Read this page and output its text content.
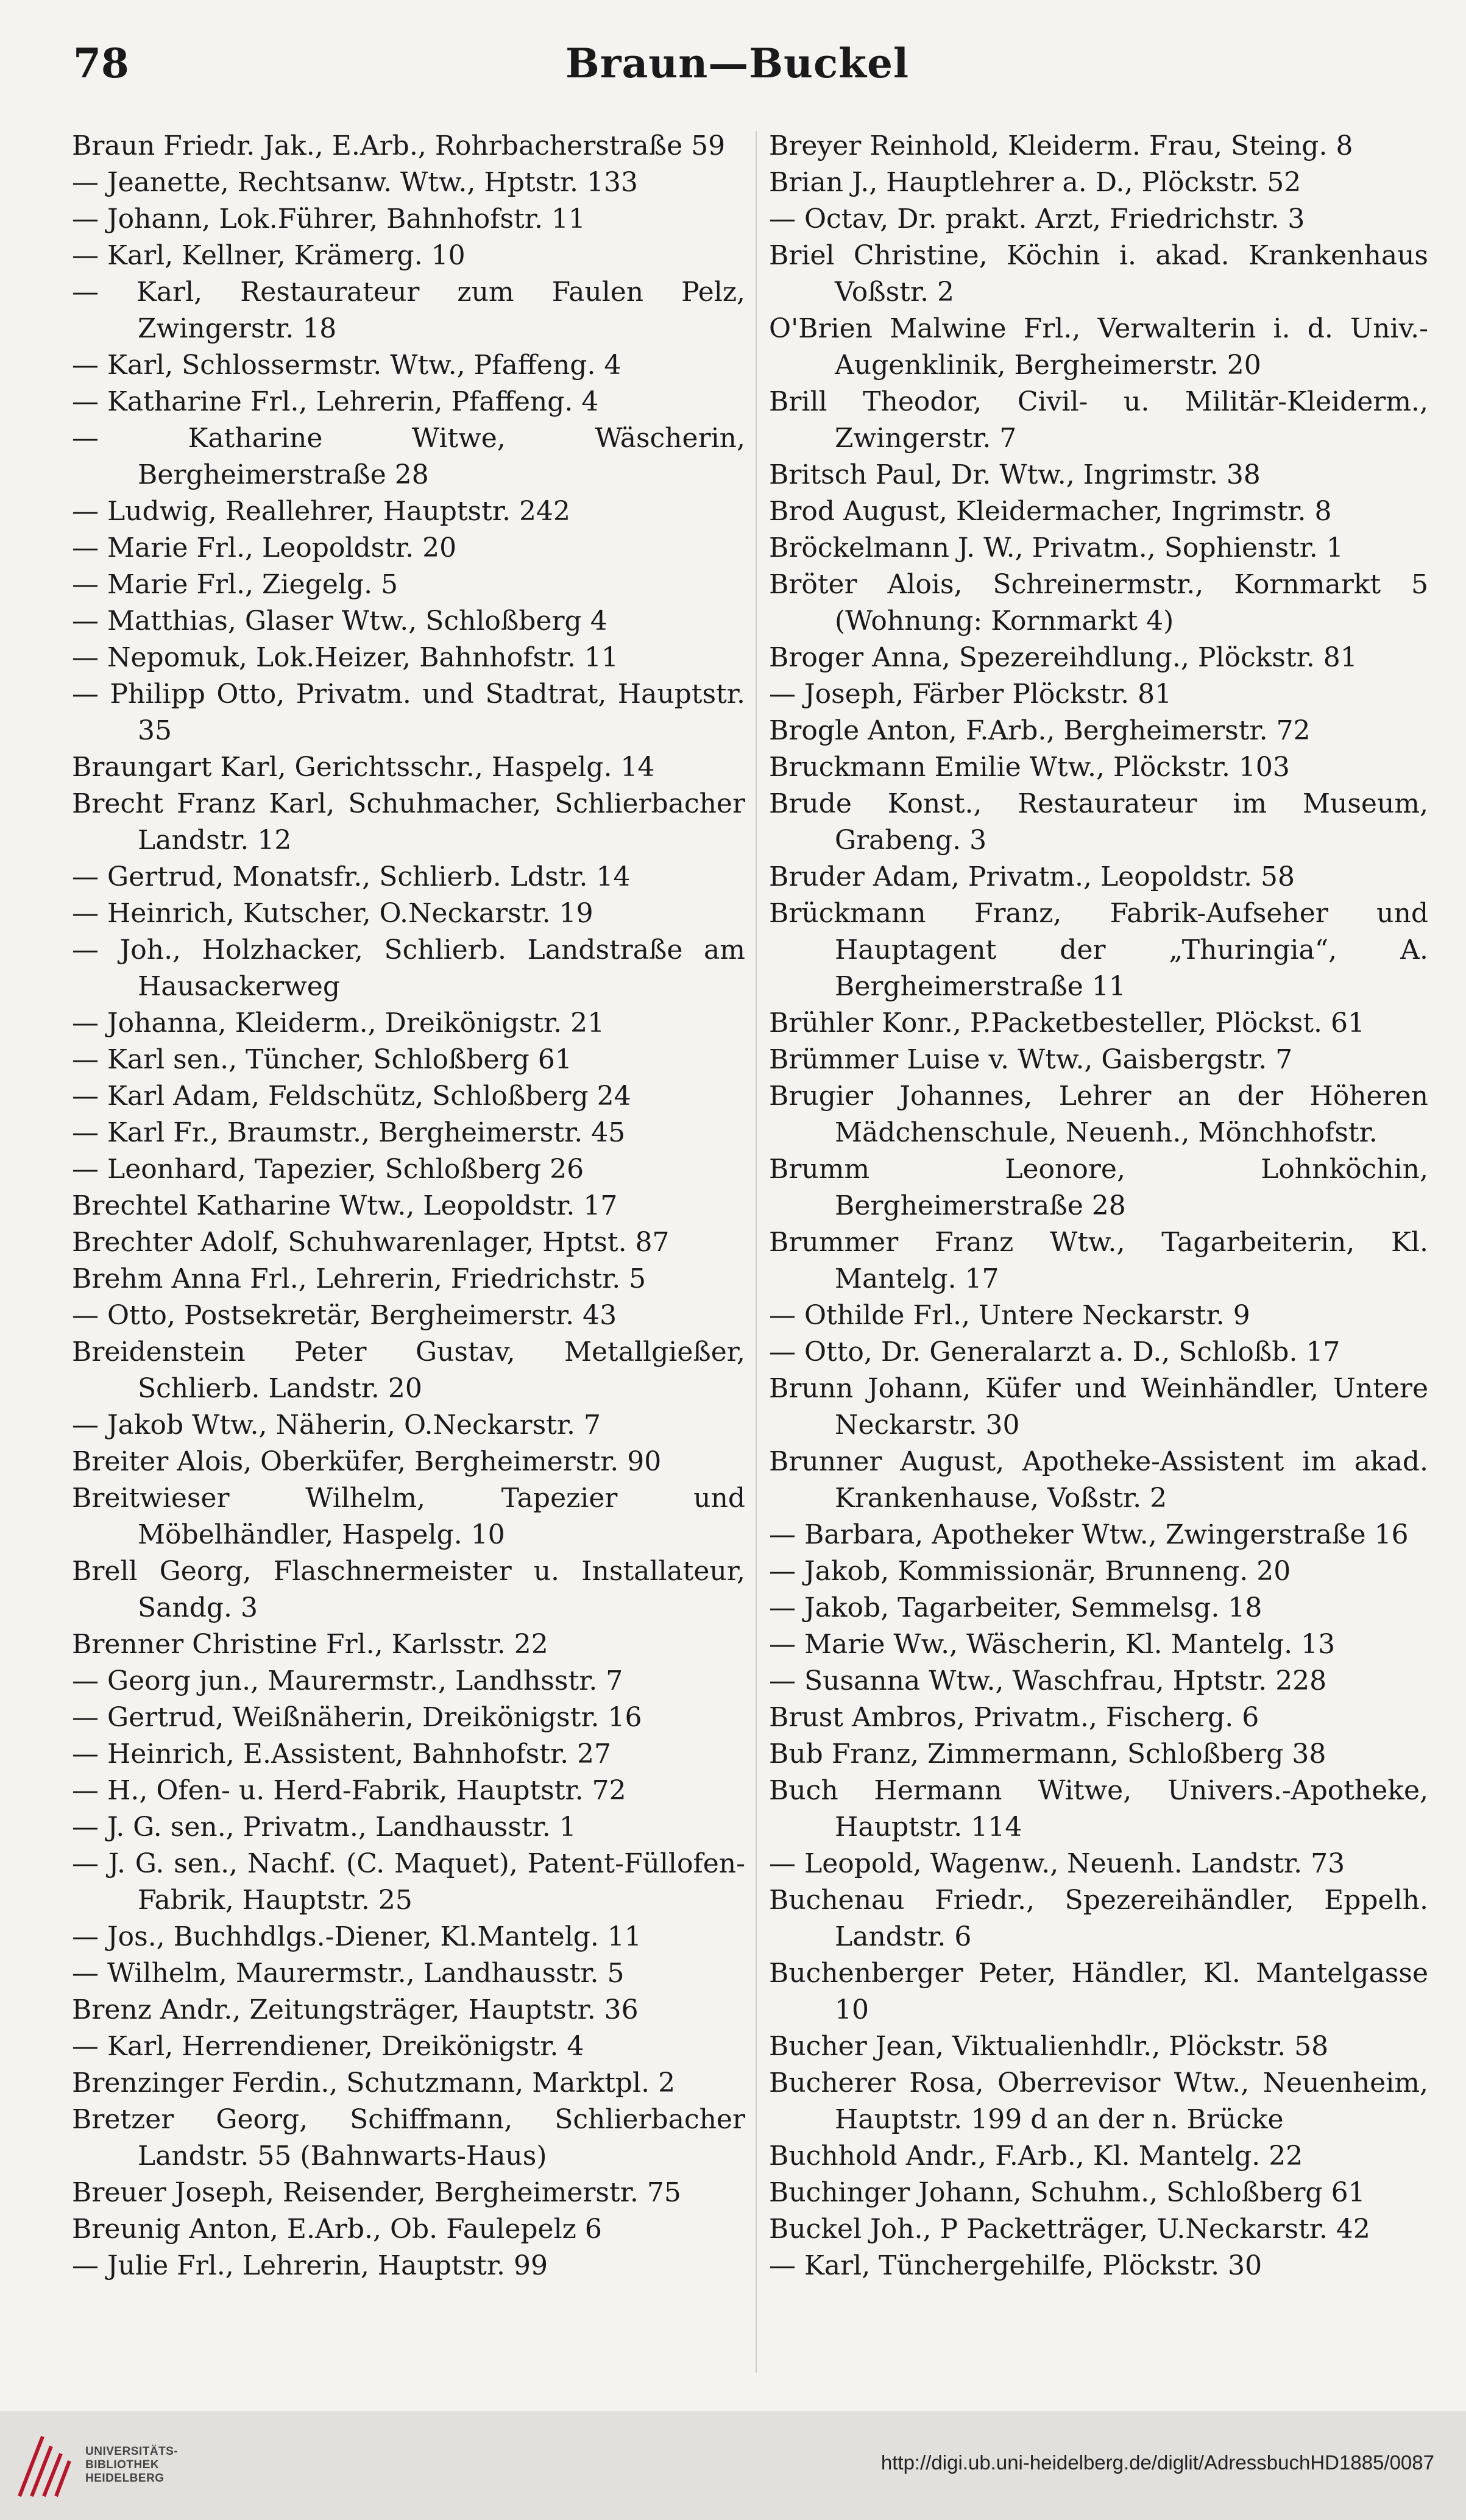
78	Braun—Buckel
Braun Friedr. Jak., E.Arb., Rohrbacherstraße 59
— Jeanette, Rechtsanw. Wtw., Hptstr. 133
— Johann, Lok.Führer, Bahnhofstr. 11
— Karl, Kellner, Krämerg. 10
— Karl, Restaurateur zum Faulen Pelz, Zwingerstr. 18
— Karl, Schlossermstr. Wtw., Pfaffeng. 4
— Katharine Frl., Lehrerin, Pfaffeng. 4
— Katharine Witwe, Wäscherin, Bergheimerstraße 28
— Ludwig, Reallehrer, Hauptstr. 242
— Marie Frl., Leopoldstr. 20
— Marie Frl., Ziegelg. 5
— Matthias, Glaser Wtw., Schloßberg 4
— Nepomuk, Lok.Heizer, Bahnhofstr. 11
— Philipp Otto, Privatm. und Stadtrat, Hauptstr. 35
Braungart Karl, Gerichtsschr., Haspelg. 14
Brecht Franz Karl, Schuhmacher, Schlierbacher Landstr. 12
— Gertrud, Monatsfr., Schlierb. Ldstr. 14
— Heinrich, Kutscher, O.Neckarstr. 19
— Joh., Holzhacker, Schlierb. Landstraße am Hausackerweg
— Johanna, Kleiderm., Dreikönigstr. 21
— Karl sen., Tüncher, Schloßberg 61
— Karl Adam, Feldschütz, Schloßberg 24
— Karl Fr., Braumstr., Bergheimerstr. 45
— Leonhard, Tapezier, Schloßberg 26
Brechtel Katharine Wtw., Leopoldstr. 17
Brechter Adolf, Schuhwarenlager, Hptst. 87
Brehm Anna Frl., Lehrerin, Friedrichstr. 5
— Otto, Postsekretär, Bergheimerstr. 43
Breidenstein Peter Gustav, Metallgießer, Schlierb. Landstr. 20
— Jakob Wtw., Näherin, O.Neckarstr. 7
Breiter Alois, Oberküfer, Bergheimerstr. 90
Breitwieser Wilhelm, Tapezier und Möbelhändler, Haspelg. 10
Brell Georg, Flaschnermeister u. Installateur, Sandg. 3
Brenner Christine Frl., Karlsstr. 22
— Georg jun., Maurermstr., Landhsstr. 7
— Gertrud, Weißnäherin, Dreikönigstr. 16
— Heinrich, E.Assistent, Bahnhofstr. 27
— H., Ofen- u. Herd-Fabrik, Hauptstr. 72
— J. G. sen., Privatm., Landhausstr. 1
— J. G. sen., Nachf. (C. Maquet), Patent-Füllofen-Fabrik, Hauptstr. 25
— Jos., Buchhdlgs.-Diener, Kl.Mantelg. 11
— Wilhelm, Maurermstr., Landhausstr. 5
Brenz Andr., Zeitungsträger, Hauptstr. 36
— Karl, Herrendiener, Dreikönigstr. 4
Brenzinger Ferdin., Schutzmann, Marktpl. 2
Bretzer Georg, Schiffmann, Schlierbacher Landstr. 55 (Bahnwarts-Haus)
Breuer Joseph, Reisender, Bergheimerstr. 75
Breunig Anton, E.Arb., Ob. Faulepelz 6
— Julie Frl., Lehrerin, Hauptstr. 99
Breyer Reinhold, Kleiderm. Frau, Steing. 8
Brian J., Hauptlehrer a. D., Plöckstr. 52
— Octav, Dr. prakt. Arzt, Friedrichstr. 3
Briel Christine, Köchin i. akad. Krankenhaus Voßstr. 2
O'Brien Malwine Frl., Verwalterin i. d. Univ.-Augenklinik, Bergheimerstr. 20
Brill Theodor, Civil- u. Militär-Kleiderm., Zwingerstr. 7
Britsch Paul, Dr. Wtw., Ingrimstr. 38
Brod August, Kleidermacher, Ingrimstr. 8
Bröckelmann J. W., Privatm., Sophienstr. 1
Bröter Alois, Schreinermstr., Kornmarkt 5 (Wohnung: Kornmarkt 4)
Broger Anna, Spezereihdlung., Plöckstr. 81
— Joseph, Färber Plöckstr. 81
Brogle Anton, F.Arb., Bergheimerstr. 72
Bruckmann Emilie Wtw., Plöckstr. 103
Brude Konst., Restaurateur im Museum, Grabeng. 3
Bruder Adam, Privatm., Leopoldstr. 58
Brückmann Franz, Fabrik-Aufseher und Hauptagent der „Thuringia“, A. Bergheimerstraße 11
Brühler Konr., P.Packetbesteller, Plöckst. 61
Brümmer Luise v. Wtw., Gaisbergstr. 7
Brugier Johannes, Lehrer an der Höheren Mädchenschule, Neuenh., Mönchhofstr.
Brumm Leonore, Lohnköchin, Bergheimerstraße 28
Brummer Franz Wtw., Tagarbeiterin, Kl. Mantelg. 17
— Othilde Frl., Untere Neckarstr. 9
— Otto, Dr. Generalarzt a. D., Schloßb. 17
Brunn Johann, Küfer und Weinhändler, Untere Neckarstr. 30
Brunner August, Apotheke-Assistent im akad. Krankenhause, Voßstr. 2
— Barbara, Apotheker Wtw., Zwingerstraße 16
— Jakob, Kommissionär, Brunneng. 20
— Jakob, Tagarbeiter, Semmelsg. 18
— Marie Ww., Wäscherin, Kl. Mantelg. 13
— Susanna Wtw., Waschfrau, Hptstr. 228
Brust Ambros, Privatm., Fischerg. 6
Bub Franz, Zimmermann, Schloßberg 38
Buch Hermann Witwe, Univers.-Apotheke, Hauptstr. 114
— Leopold, Wagenw., Neuenh. Landstr. 73
Buchenau Friedr., Spezereihändler, Eppelh. Landstr. 6
Buchenberger Peter, Händler, Kl. Mantelgasse 10
Bucher Jean, Viktualienhdlr., Plöckstr. 58
Bucherer Rosa, Oberrevisor Wtw., Neuenheim, Hauptstr. 199 d an der n. Brücke
Buchhold Andr., F.Arb., Kl. Mantelg. 22
Buchinger Johann, Schuhm., Schloßberg 61
Buckel Joh., P Packetträger, U.Neckarstr. 42
— Karl, Tünchergehilfe, Plöckstr. 30
UNIVERSITÄTS-
BIBLIOTHEK
HEIDELBERG
http://digi.ub.uni-heidelberg.de/diglit/AdressbuchHD1885/0087
